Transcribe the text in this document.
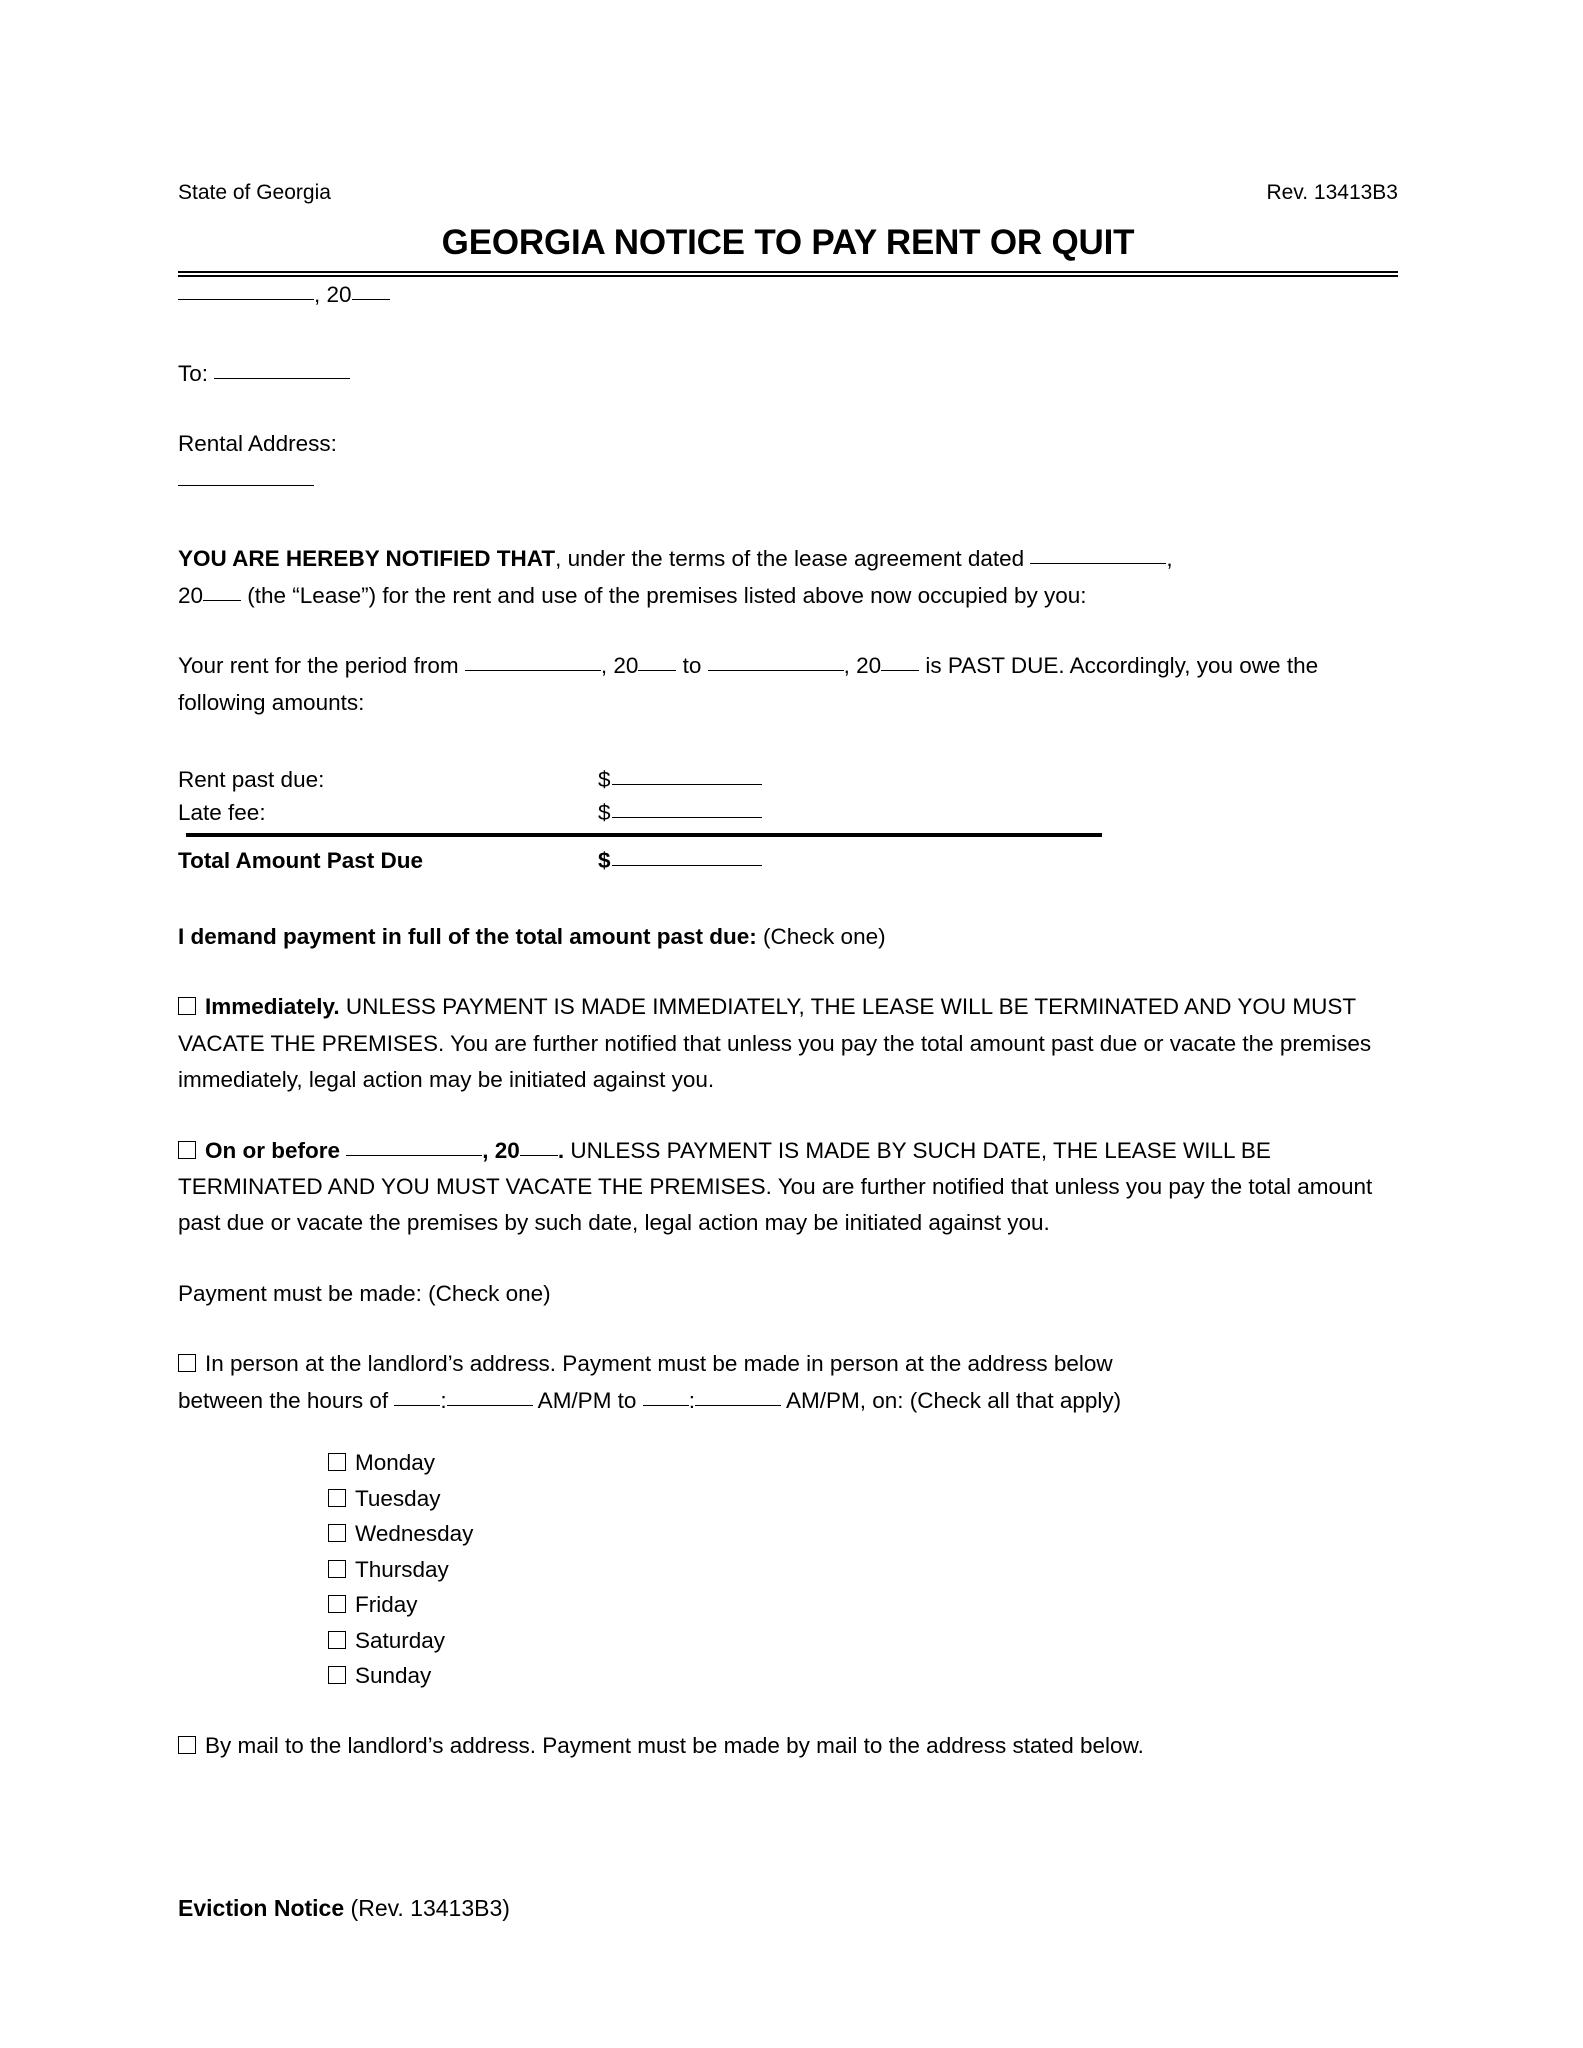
State of Georgia	Rev. 13413B3
GEORGIA NOTICE TO PAY RENT OR QUIT

, 20

To:

Rental Address:

YOU ARE HEREBY NOTIFIED THAT, under the terms of the lease agreement dated	,
20 (the “Lease”) for the rent and use of the premises listed above now occupied by you:

Your rent for the period from	, 20 to	, 20 is PAST DUE. Accordingly, you owe the following amounts:

Rent past due:	$
Late fee:	$
Total Amount Past Due	$

I demand payment in full of the total amount past due: (Check one)

Immediately. UNLESS PAYMENT IS MADE IMMEDIATELY, THE LEASE WILL BE TERMINATED AND YOU MUST VACATE THE PREMISES. You are further notified that unless you pay the total amount past due or vacate the premises immediately, legal action may be initiated against you.

On or before	, 20 . UNLESS PAYMENT IS MADE BY SUCH DATE, THE LEASE WILL BE TERMINATED AND YOU MUST VACATE THE PREMISES. You are further notified that unless you pay the total amount past due or vacate the premises by such date, legal action may be initiated against you.

Payment must be made: (Check one)

In person at the landlord’s address. Payment must be made in person at the address below
between the hours of :	AM/PM to :	AM/PM, on: (Check all that apply)

Monday
Tuesday
Wednesday
Thursday
Friday
Saturday
Sunday

By mail to the landlord’s address. Payment must be made by mail to the address stated below.

Eviction Notice (Rev. 13413B3)
